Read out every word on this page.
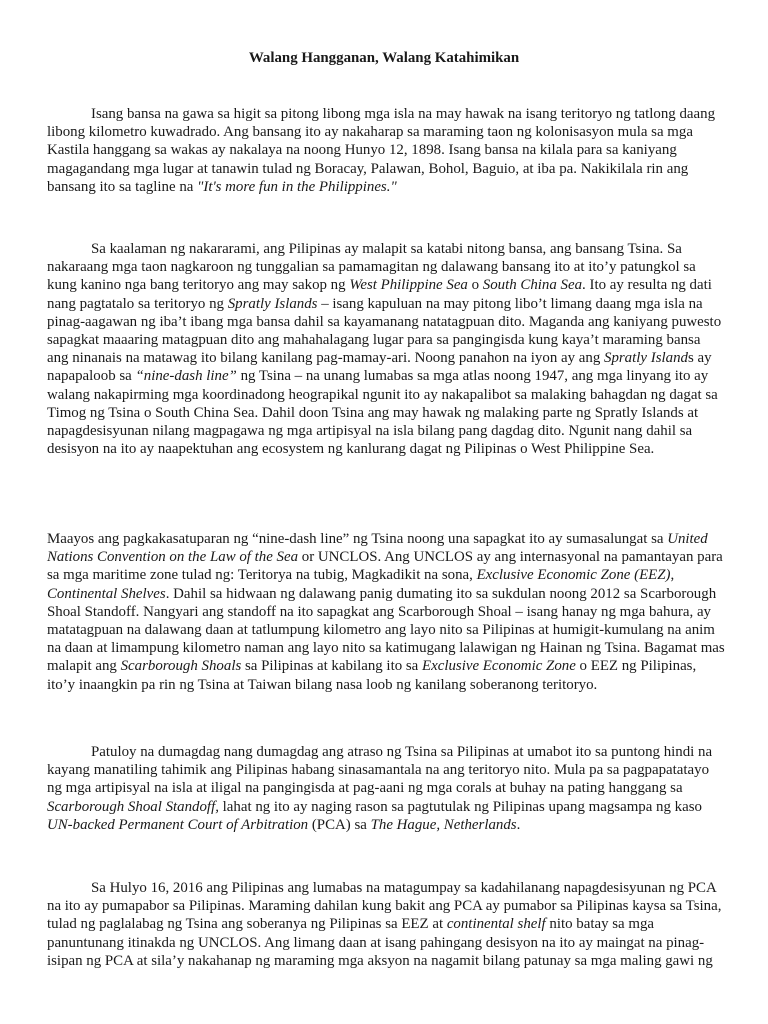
Walang Hangganan, Walang Katahimikan

Isang bansa na gawa sa higit sa pitong libong mga isla na may hawak na isang teritoryo ng tatlong daang libong kilometro kuwadrado. Ang bansang ito ay nakaharap sa maraming taon ng kolonisasyon mula sa mga Kastila hanggang sa wakas ay nakalaya na noong Hunyo 12, 1898. Isang bansa na kilala para sa kaniyang magagandang mga lugar at tanawin tulad ng Boracay, Palawan, Bohol, Baguio, at iba pa. Nakikilala rin ang bansang ito sa tagline na "It's more fun in the Philippines."

Sa kaalaman ng nakararami, ang Pilipinas ay malapit sa katabi nitong bansa, ang bansang Tsina. Sa nakaraang mga taon nagkaroon ng tunggalian sa pamamagitan ng dalawang bansang ito at ito’y patungkol sa kung kanino nga bang teritoryo ang may sakop ng West Philippine Sea o South China Sea. Ito ay resulta ng dati nang pagtatalo sa teritoryo ng Spratly Islands – isang kapuluan na may pitong libo’t limang daang mga isla na pinag-aagawan ng iba’t ibang mga bansa dahil sa kayamanang natatagpuan dito. Maganda ang kaniyang puwesto sapagkat maaaring matagpuan dito ang mahahalagang lugar para sa pangingisda kung kaya’t maraming bansa ang ninanais na matawag ito bilang kanilang pag-mamay-ari. Noong panahon na iyon ay ang Spratly Islands ay napapaloob sa “nine-dash line” ng Tsina – na unang lumabas sa mga atlas noong 1947, ang mga linyang ito ay walang nakapirming mga koordinadong heograpikal ngunit ito ay nakapalibot sa malaking bahagdan ng dagat sa Timog ng Tsina o South China Sea. Dahil doon Tsina ang may hawak ng malaking parte ng Spratly Islands at napagdesisyunan nilang magpagawa ng mga artipisyal na isla bilang pang dagdag dito. Ngunit nang dahil sa desisyon na ito ay naapektuhan ang ecosystem ng kanlurang dagat ng Pilipinas o West Philippine Sea.

Maayos ang pagkakasatuparan ng “nine-dash line” ng Tsina noong una sapagkat ito ay sumasalungat sa United Nations Convention on the Law of the Sea or UNCLOS. Ang UNCLOS ay ang internasyonal na pamantayan para sa mga maritime zone tulad ng: Teritorya na tubig, Magkadikit na sona, Exclusive Economic Zone (EEZ), Continental Shelves. Dahil sa hidwaan ng dalawang panig dumating ito sa sukdulan noong 2012 sa Scarborough Shoal Standoff. Nangyari ang standoff na ito sapagkat ang Scarborough Shoal – isang hanay ng mga bahura, ay matatagpuan na dalawang daan at tatlumpung kilometro ang layo nito sa Pilipinas at humigit-kumulang na anim na daan at limampung kilometro naman ang layo nito sa katimugang lalawigan ng Hainan ng Tsina. Bagamat mas malapit ang Scarborough Shoals sa Pilipinas at kabilang ito sa Exclusive Economic Zone o EEZ ng Pilipinas, ito’y inaangkin pa rin ng Tsina at Taiwan bilang nasa loob ng kanilang soberanong teritoryo.

Patuloy na dumagdag nang dumagdag ang atraso ng Tsina sa Pilipinas at umabot ito sa puntong hindi na kayang manatiling tahimik ang Pilipinas habang sinasamantala na ang teritoryo nito. Mula pa sa pagpapatatayo ng mga artipisyal na isla at iligal na pangingisda at pag-aani ng mga corals at buhay na pating hanggang sa Scarborough Shoal Standoff, lahat ng ito ay naging rason sa pagtutulak ng Pilipinas upang magsampa ng kaso UN-backed Permanent Court of Arbitration (PCA) sa The Hague, Netherlands.

Sa Hulyo 16, 2016 ang Pilipinas ang lumabas na matagumpay sa kadahilanang napagdesisyunan ng PCA na ito ay pumapabor sa Pilipinas. Maraming dahilan kung bakit ang PCA ay pumabor sa Pilipinas kaysa sa Tsina, tulad ng paglalabag ng Tsina ang soberanya ng Pilipinas sa EEZ at continental shelf nito batay sa mga panuntunang itinakda ng UNCLOS. Ang limang daan at isang pahingang desisyon na ito ay maingat na pinag-isipan ng PCA at sila’y nakahanap ng maraming mga aksyon na nagamit bilang patunay sa mga maling gawi ng
